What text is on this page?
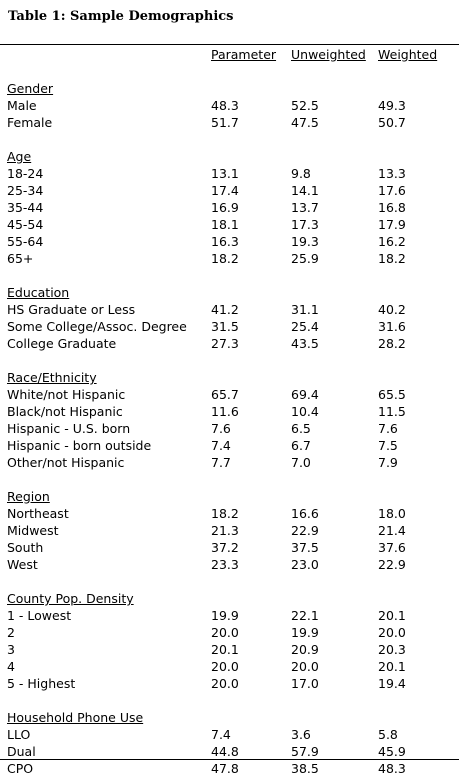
Table 1: Sample Demographics
Parameter Unweighted Weighted
Gender
Male	48.3	52.5	49.3
Female	51.7	47.5	50.7
Age
18-24	13.1	9.8	13.3
25-34	17.4	14.1	17.6
35-44	16.9	13.7	16.8
45-54	18.1	17.3	17.9
55-64	16.3	19.3	16.2
65+	18.2	25.9	18.2
Education
HS Graduate or Less	41.2	31.1	40.2
Some College/Assoc. Degree 31.5	25.4	31.6
College Graduate	27.3	43.5	28.2
Race/Ethnicity
White/not Hispanic	65.7	69.4	65.5
Black/not Hispanic	11.6	10.4	11.5
Hispanic - U.S. born	7.6	6.5	7.6
Hispanic - born outside	7.4	6.7	7.5
Other/not Hispanic	7.7	7.0	7.9
Region
Northeast	18.2	16.6	18.0
Midwest	21.3	22.9	21.4
South	37.2	37.5	37.6
West	23.3	23.0	22.9
County Pop. Density
1 - Lowest	19.9	22.1	20.1
2	20.0	19.9	20.0
3	20.1	20.9	20.3
4	20.0	20.0	20.1
5 - Highest	20.0	17.0	19.4
Household Phone Use
LLO	7.4	3.6	5.8
Dual	44.8	57.9	45.9
CPO	47.8	38.5	48.3
